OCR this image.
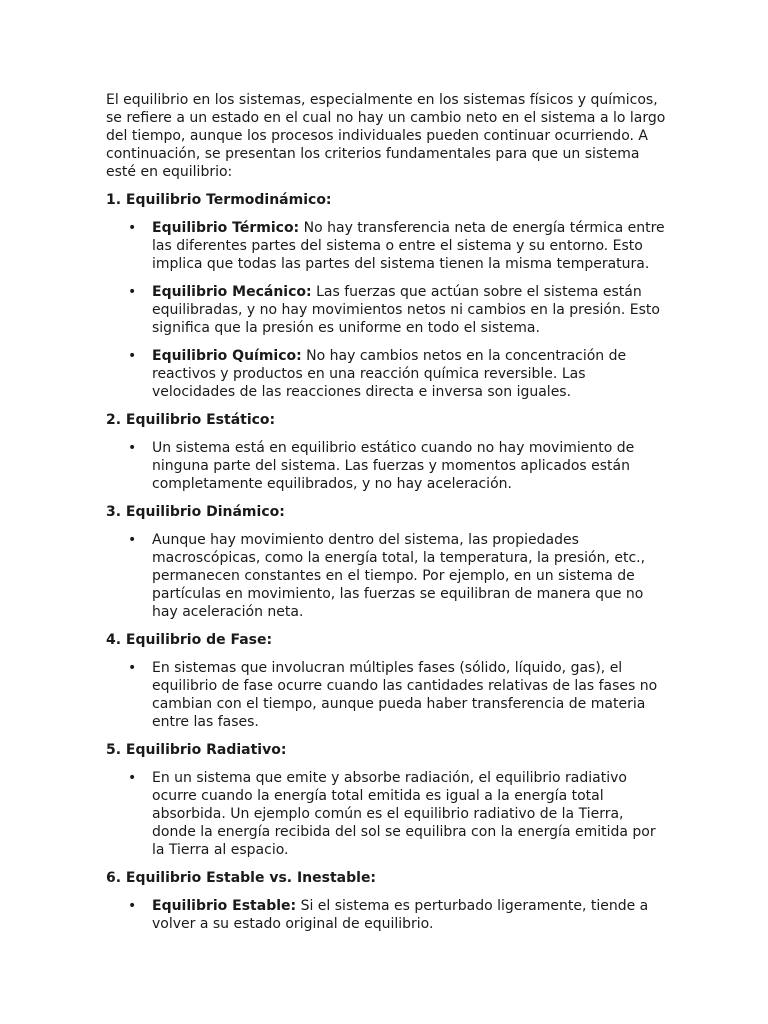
El equilibrio en los sistemas, especialmente en los sistemas físicos y químicos, se refiere a un estado en el cual no hay un cambio neto en el sistema a lo largo del tiempo, aunque los procesos individuales pueden continuar ocurriendo. A continuación, se presentan los criterios fundamentales para que un sistema esté en equilibrio:

1. Equilibrio Termodinámico:
• Equilibrio Térmico: No hay transferencia neta de energía térmica entre las diferentes partes del sistema o entre el sistema y su entorno. Esto implica que todas las partes del sistema tienen la misma temperatura.
• Equilibrio Mecánico: Las fuerzas que actúan sobre el sistema están equilibradas, y no hay movimientos netos ni cambios en la presión. Esto significa que la presión es uniforme en todo el sistema.
• Equilibrio Químico: No hay cambios netos en la concentración de reactivos y productos en una reacción química reversible. Las velocidades de las reacciones directa e inversa son iguales.
2. Equilibrio Estático:
• Un sistema está en equilibrio estático cuando no hay movimiento de ninguna parte del sistema. Las fuerzas y momentos aplicados están completamente equilibrados, y no hay aceleración.
3. Equilibrio Dinámico:
• Aunque hay movimiento dentro del sistema, las propiedades macroscópicas, como la energía total, la temperatura, la presión, etc., permanecen constantes en el tiempo. Por ejemplo, en un sistema de partículas en movimiento, las fuerzas se equilibran de manera que no hay aceleración neta.
4. Equilibrio de Fase:
• En sistemas que involucran múltiples fases (sólido, líquido, gas), el equilibrio de fase ocurre cuando las cantidades relativas de las fases no cambian con el tiempo, aunque pueda haber transferencia de materia entre las fases.
5. Equilibrio Radiativo:
• En un sistema que emite y absorbe radiación, el equilibrio radiativo ocurre cuando la energía total emitida es igual a la energía total absorbida. Un ejemplo común es el equilibrio radiativo de la Tierra, donde la energía recibida del sol se equilibra con la energía emitida por la Tierra al espacio.
6. Equilibrio Estable vs. Inestable:
• Equilibrio Estable: Si el sistema es perturbado ligeramente, tiende a volver a su estado original de equilibrio.
